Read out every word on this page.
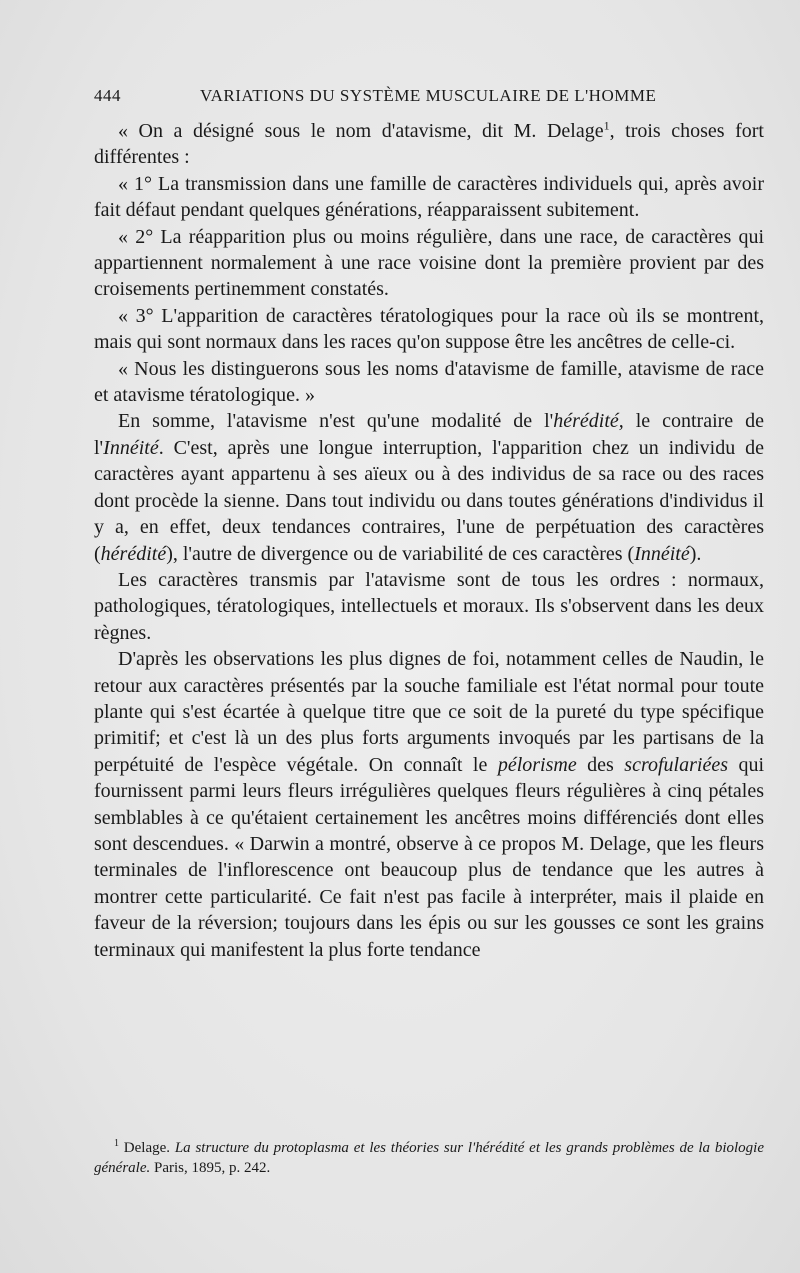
444	VARIATIONS DU SYSTÈME MUSCULAIRE DE L'HOMME

« On a désigné sous le nom d'atavisme, dit M. Delage$^1$, trois choses fort différentes :

« 1° La transmission dans une famille de caractères individuels qui, après avoir fait défaut pendant quelques générations, réapparaissent subitement.

« 2° La réapparition plus ou moins régulière, dans une race, de caractères qui appartiennent normalement à une race voisine dont la première provient par des croisements pertinemment constatés.

« 3° L'apparition de caractères tératologiques pour la race où ils se montrent, mais qui sont normaux dans les races qu'on suppose être les ancêtres de celle-ci.

« Nous les distinguerons sous les noms d'atavisme de famille, atavisme de race et atavisme tératologique. »

En somme, l'atavisme n'est qu'une modalité de l'hérédité, le contraire de l'Innéité. C'est, après une longue interruption, l'apparition chez un individu de caractères ayant appartenu à ses aïeux ou à des individus de sa race ou des races dont procède la sienne. Dans tout individu ou dans toutes générations d'individus il y a, en effet, deux tendances contraires, l'une de perpétuation des caractères (hérédité), l'autre de divergence ou de variabilité de ces caractères (Innéité).

Les caractères transmis par l'atavisme sont de tous les ordres : normaux, pathologiques, tératologiques, intellectuels et moraux. Ils s'observent dans les deux règnes.

D'après les observations les plus dignes de foi, notamment celles de Naudin, le retour aux caractères présentés par la souche familiale est l'état normal pour toute plante qui s'est écartée à quelque titre que ce soit de la pureté du type spécifique primitif; et c'est là un des plus forts arguments invoqués par les partisans de la perpétuité de l'espèce végétale. On connaît le pélorisme des scrofulariées qui fournissent parmi leurs fleurs irrégulières quelques fleurs régulières à cinq pétales semblables à ce qu'étaient certainement les ancêtres moins différenciés dont elles sont descendues. « Darwin a montré, observe à ce propos M. Delage, que les fleurs terminales de l'inflorescence ont beaucoup plus de tendance que les autres à montrer cette particularité. Ce fait n'est pas facile à interpréter, mais il plaide en faveur de la réversion; toujours dans les épis ou sur les gousses ce sont les grains terminaux qui manifestent la plus forte tendance

$^1$ Delage. La structure du protoplasma et les théories sur l'hérédité et les grands problèmes de la biologie générale. Paris, 1895, p. 242.
